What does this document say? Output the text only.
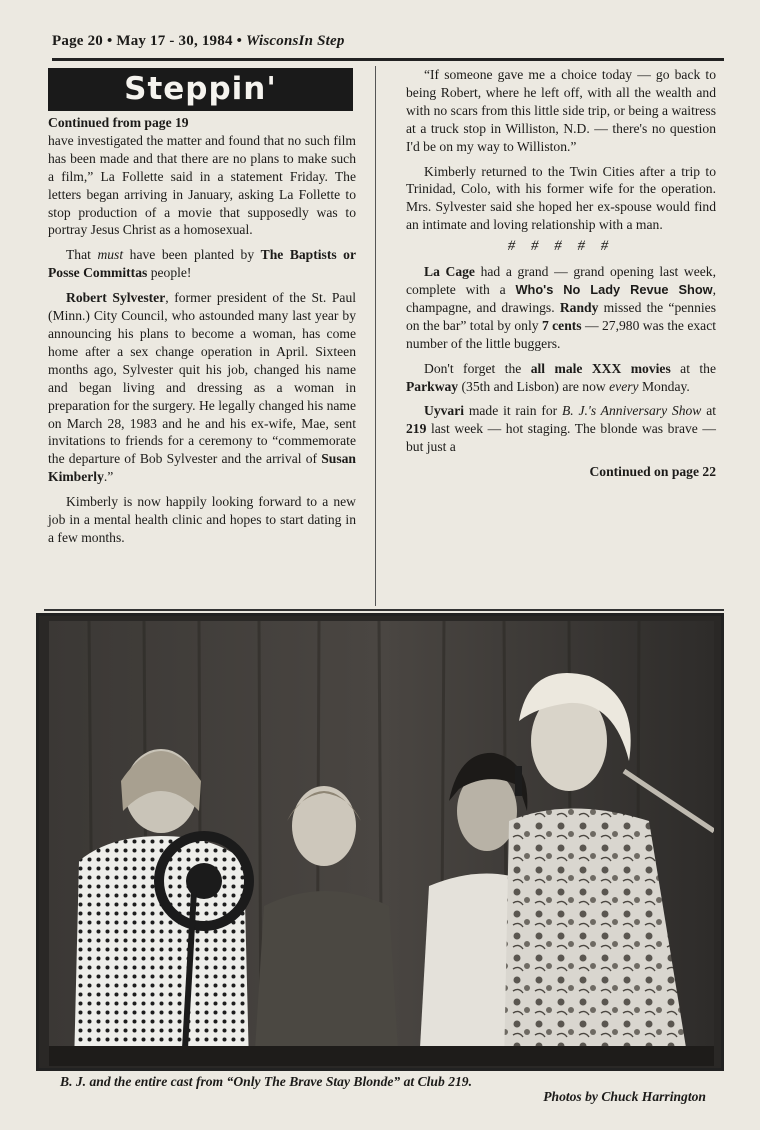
Page 20 • May 17 - 30, 1984 • WisconsIn Step
Steppin'

Continued from page 19
have investigated the matter and found that no such film has been made and that there are no plans to make such a film,” La Follette said in a statement Friday. The letters began arriving in January, asking La Follette to stop production of a movie that supposedly was to portray Jesus Christ as a homosexual.

That must have been planted by The Baptists or Posse Committas people!

Robert Sylvester, former president of the St. Paul (Minn.) City Council, who astounded many last year by announcing his plans to become a woman, has come home after a sex change operation in April. Sixteen months ago, Sylvester quit his job, changed his name and began living and dressing as a woman in preparation for the surgery. He legally changed his name on March 28, 1983 and he and his ex-wife, Mae, sent invitations to friends for a ceremony to “commemorate the departure of Bob Sylvester and the arrival of Susan Kimberly.”

Kimberly is now happily looking forward to a new job in a mental health clinic and hopes to start dating in a few months.

“If someone gave me a choice today — go back to being Robert, where he left off, with all the wealth and with no scars from this little side trip, or being a waitress at a truck stop in Williston, N.D. — there's no question I'd be on my way to Williston.”

Kimberly returned to the Twin Cities after a trip to Trinidad, Colo, with his former wife for the operation. Mrs. Sylvester said she hoped her ex-spouse would find an intimate and loving relationship with a man.

# # # # #

La Cage had a grand — grand opening last week, complete with a Who's No Lady Revue Show, champagne, and drawings. Randy missed the “pennies on the bar” total by only 7 cents — 27,980 was the exact number of the little buggers.

Don't forget the all male XXX movies at the Parkway (35th and Lisbon) are now every Monday.

Uyvari made it rain for B. J.'s Anniversary Show at 219 last week — hot staging. The blonde was brave — but just a

Continued on page 22

B. J. and the entire cast from “Only The Brave Stay Blonde” at Club 219.
Photos by Chuck Harrington
